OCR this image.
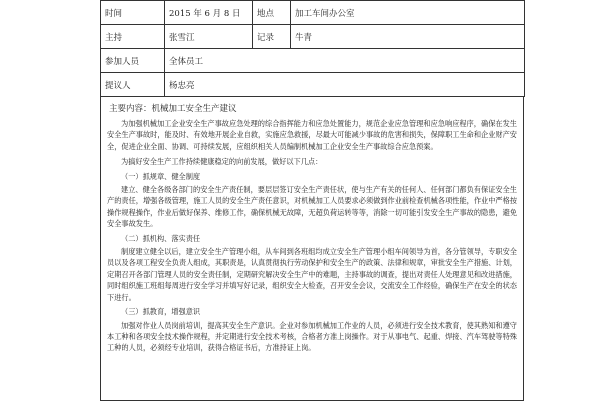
时间	2015 年 6 月 8 日	地点	加工车间办公室
主持	张雪江	记录	牛青
参加人员	全体员工		
提议人	杨忠亮		
主要内容：机械加工安全生产建议

为加强机械加工企业安全生产事故应急处理的综合指挥能力和应急处置能力，规范企业应急管理和应急响应程序，确保在发生安全生产事故时，能及时、有效地开展企业自救，实施应急救援，尽最大可能减少事故的危害和损失，保障职工生命和企业财产安全，促进企业全面、协调、可持续发展，应组织相关人员编制机械加工企业安全生产事故综合应急预案。

为搞好安全生产工作持续健康稳定的向前发展，做好以下几点：

（一）抓规章、健全制度

建立、健全各级各部门的安全生产责任制，要层层签订安全生产责任状，使与生产有关的任何人、任何部门都负有保证安全生产的责任，增强各级管理，施工人员的安全生产责任意识，对机械加工人员要求必须做到作业前检查机械各项性能，作业中严格按操作规程操作，作业后做好保养、维修工作，确保机械无故障，无超负荷运转等等，消除一切可能引发安全生产事故的隐患，避免安全事故发生。

（二）抓机构、落实责任

制度建立健全以后，建立安全生产管理小组，从车间到各班组均成立安全生产管理小组车间领导为首，各分管领导，专职安全员以及各项工程安全负责人组成，其职责是，认真贯彻执行劳动保护和安全生产的政策、法律和规章，审批安全生产措施、计划，定期召开各部门管理人员的安全责任制，定期研究解决安全生产中的难题，主持事故的调查，提出对责任人处理意见和改进措施，同时组织施工班组每周进行安全学习并填写好记录，组织安全大检查，召开安全会议，交流安全工作经验，确保生产在安全的状态下进行。

（三）抓教育，增强意识

加强对作业人员岗前培训，提高其安全生产意识。企业对参加机械加工作业的人员，必须进行安全技术教育，使其熟知和遵守本工种和各项安全技术操作规程，并定期进行安全技术考核，合格者方准上岗操作。对于从事电气、起重、焊接、汽车驾驶等特殊工种的人员，必须经专业培训，获得合格证书后，方准持证上岗。
